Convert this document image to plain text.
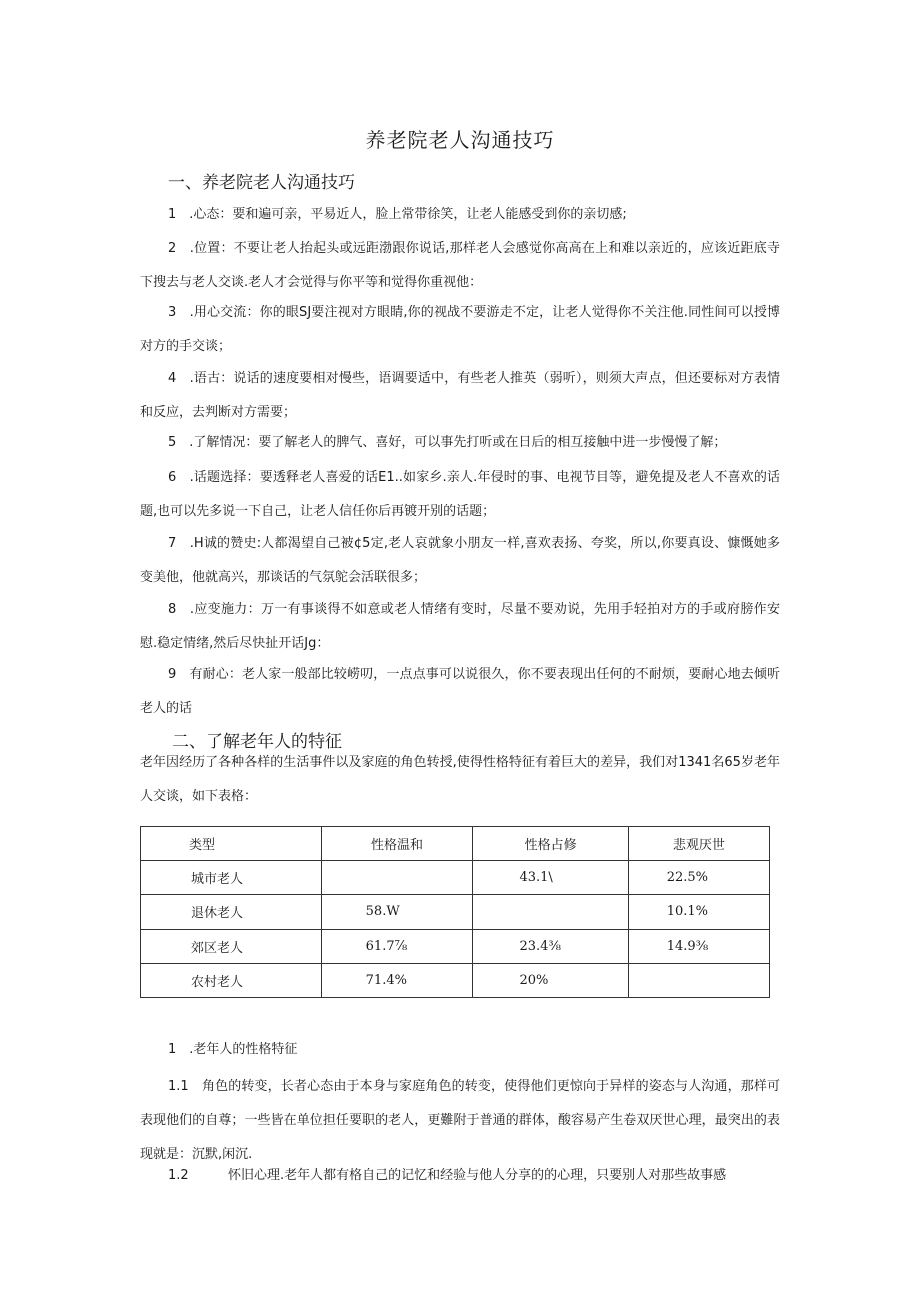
养老院老人沟通技巧
一、养老院老人沟通技巧

1　.心态：要和遍可亲，平易近人，脸上常带徐笑，让老人能感受到你的亲切感;

2　.位置：不要让老人抬起头或远距渤跟你说话,那样老人会感觉你高高在上和难以亲近的，应该近距底寺下搜去与老人交谈.老人才会觉得与你平等和觉得你重视他：

3　.用心交流：你的眼SJ要注视对方眼睛,你的视战不要游走不定，让老人觉得你不关注他.同性间可以授博对方的手交谈；

4　.语古：说话的速度要相对慢些，语调要适中，有些老人推英（弱听），则须大声点，但还要标对方表情和反应，去判断对方需要；

5　.了解情况：要了解老人的脾气、喜好，可以事先打听或在日后的相互接触中进一步慢慢了解；

6　.话题选择：要透释老人喜爱的话E1..如家乡.亲人.年侵时的事、电视节目等，避免提及老人不喜欢的话题,也可以先多说一下自己，让老人信任你后再镀开别的话题；

7　.H诚的赞史:人都渴望自己被¢5定,老人哀就象小朋友一样,喜欢表扬、夸奖，所以,你要真设、慷慨她多变美他，他就高兴，那谈话的气氛鸵会活联很多；

8　.应变施力：万一有事谈得不如意或老人情绪有变时，尽量不要劝说，先用手轻拍对方的手或府膀作安慰.稳定情绪,然后尽快扯开话Jg：

9　有耐心：老人家一般部比较崂叨，一点点事可以说很久，你不要表现出任何的不耐烦，要耐心地去倾听老人的话

二、了解老年人的特征

老年因经历了各种各样的生活事件以及家庭的角色转授,使得性格特征有着巨大的差异，我们对1341名65岁老年人交谈，如下表格：

类型	性格温和	性格占修	悲观厌世
城市老人		43.1\	22.5%
退休老人	58.W		10.1%
郊区老人	61.7⅞	23.4⅜	14.9⅜
农村老人	71.4%	20%	
1　.老年人的性格特征

1.1　角色的转变，长者心态由于本身与家庭角色的转变，使得他们更惊向于异样的姿态与人沟通，那样可表现他们的自尊；一些皆在单位担任要职的老人，更難附于普通的群体，酸容易产生卷双厌世心理，最突出的表现就是：沉默,闲沉.

1.2	怀旧心理.老年人都有格自己的记忆和经验与他人分享的的心理，只要别人对那些故事感
